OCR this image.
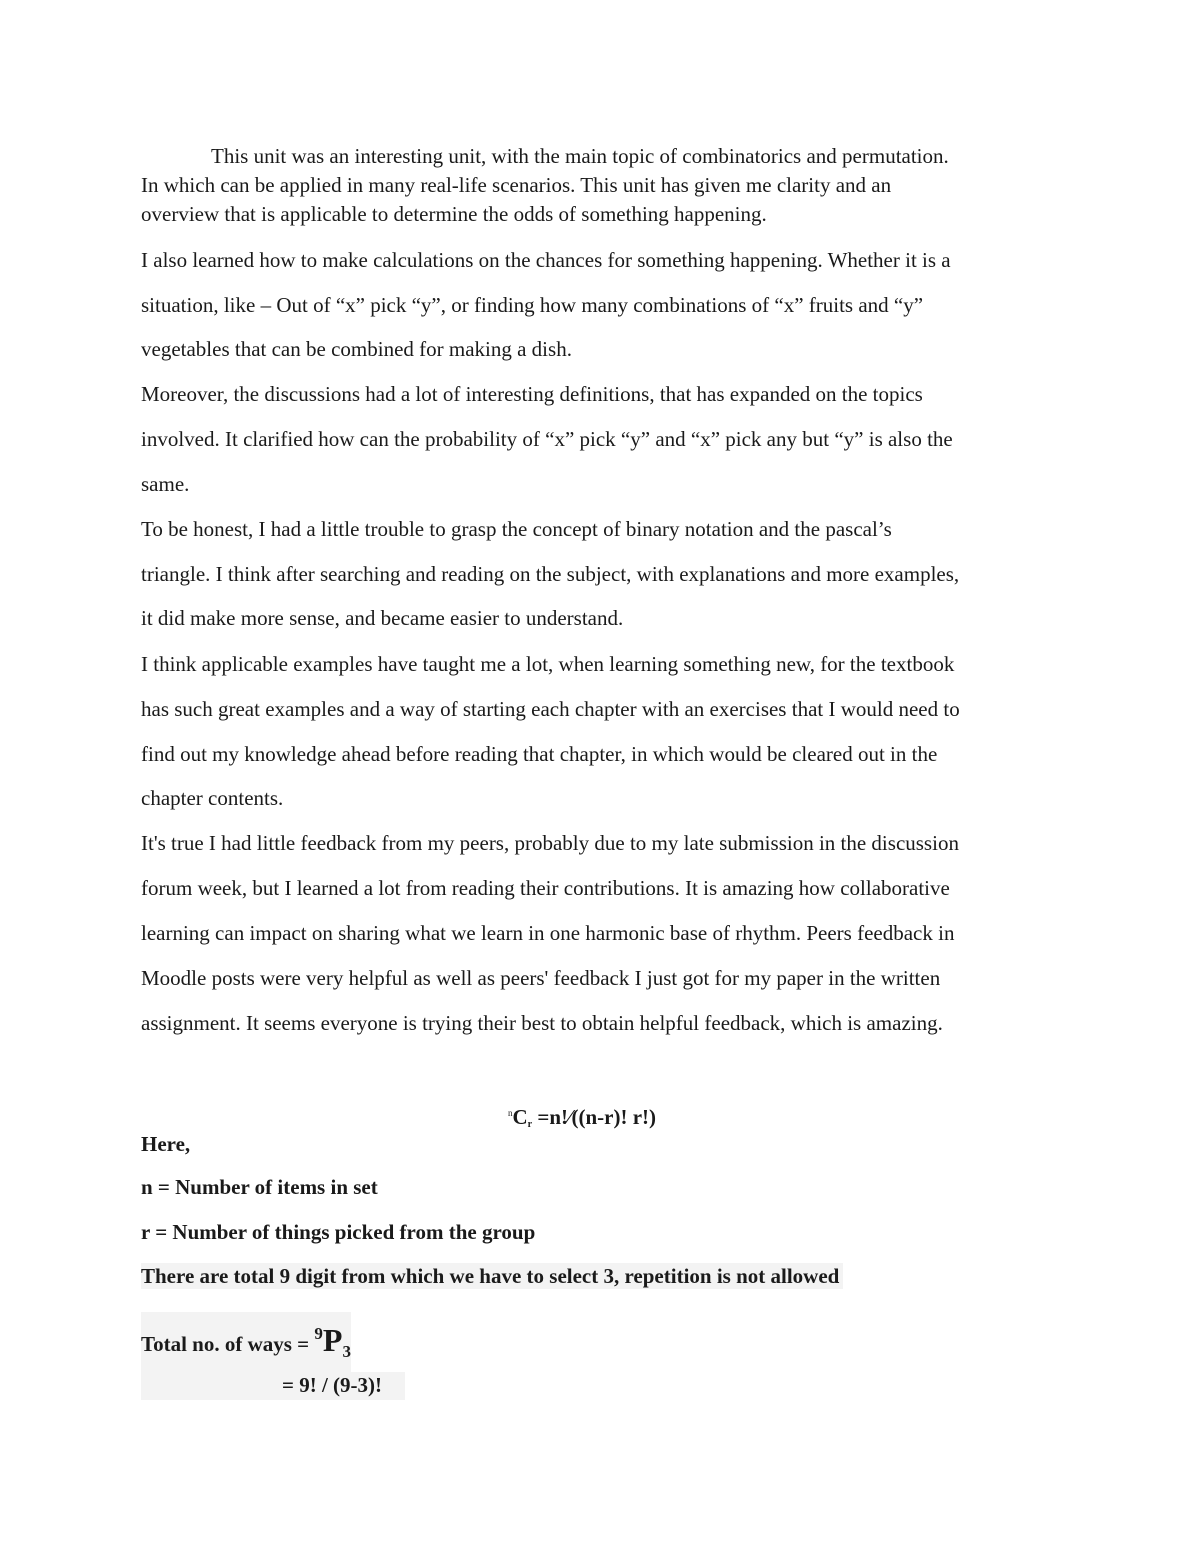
This unit was an interesting unit, with the main topic of combinatorics and permutation.
In which can be applied in many real-life scenarios. This unit has given me clarity and an
overview that is applicable to determine the odds of something happening.
I also learned how to make calculations on the chances for something happening. Whether it is a
situation, like – Out of “x” pick “y”, or finding how many combinations of “x” fruits and “y”
vegetables that can be combined for making a dish.
Moreover, the discussions had a lot of interesting definitions, that has expanded on the topics
involved. It clarified how can the probability of “x” pick “y” and “x” pick any but “y” is also the
same.
To be honest, I had a little trouble to grasp the concept of binary notation and the pascal’s
triangle. I think after searching and reading on the subject, with explanations and more examples,
it did make more sense, and became easier to understand.
I think applicable examples have taught me a lot, when learning something new, for the textbook
has such great examples and a way of starting each chapter with an exercises that I would need to
find out my knowledge ahead before reading that chapter, in which would be cleared out in the
chapter contents.
It's true I had little feedback from my peers, probably due to my late submission in the discussion
forum week, but I learned a lot from reading their contributions. It is amazing how collaborative
learning can impact on sharing what we learn in one harmonic base of rhythm. Peers feedback in
Moodle posts were very helpful as well as peers' feedback I just got for my paper in the written
assignment. It seems everyone is trying their best to obtain helpful feedback, which is amazing.
$^n$Cr =n!⁄((n-r)! r!)
Here,
n = Number of items in set
r = Number of things picked from the group
There are total 9 digit from which we have to select 3, repetition is not allowed
Total no. of ways = $^9P_3$
= 9! / (9-3)!
